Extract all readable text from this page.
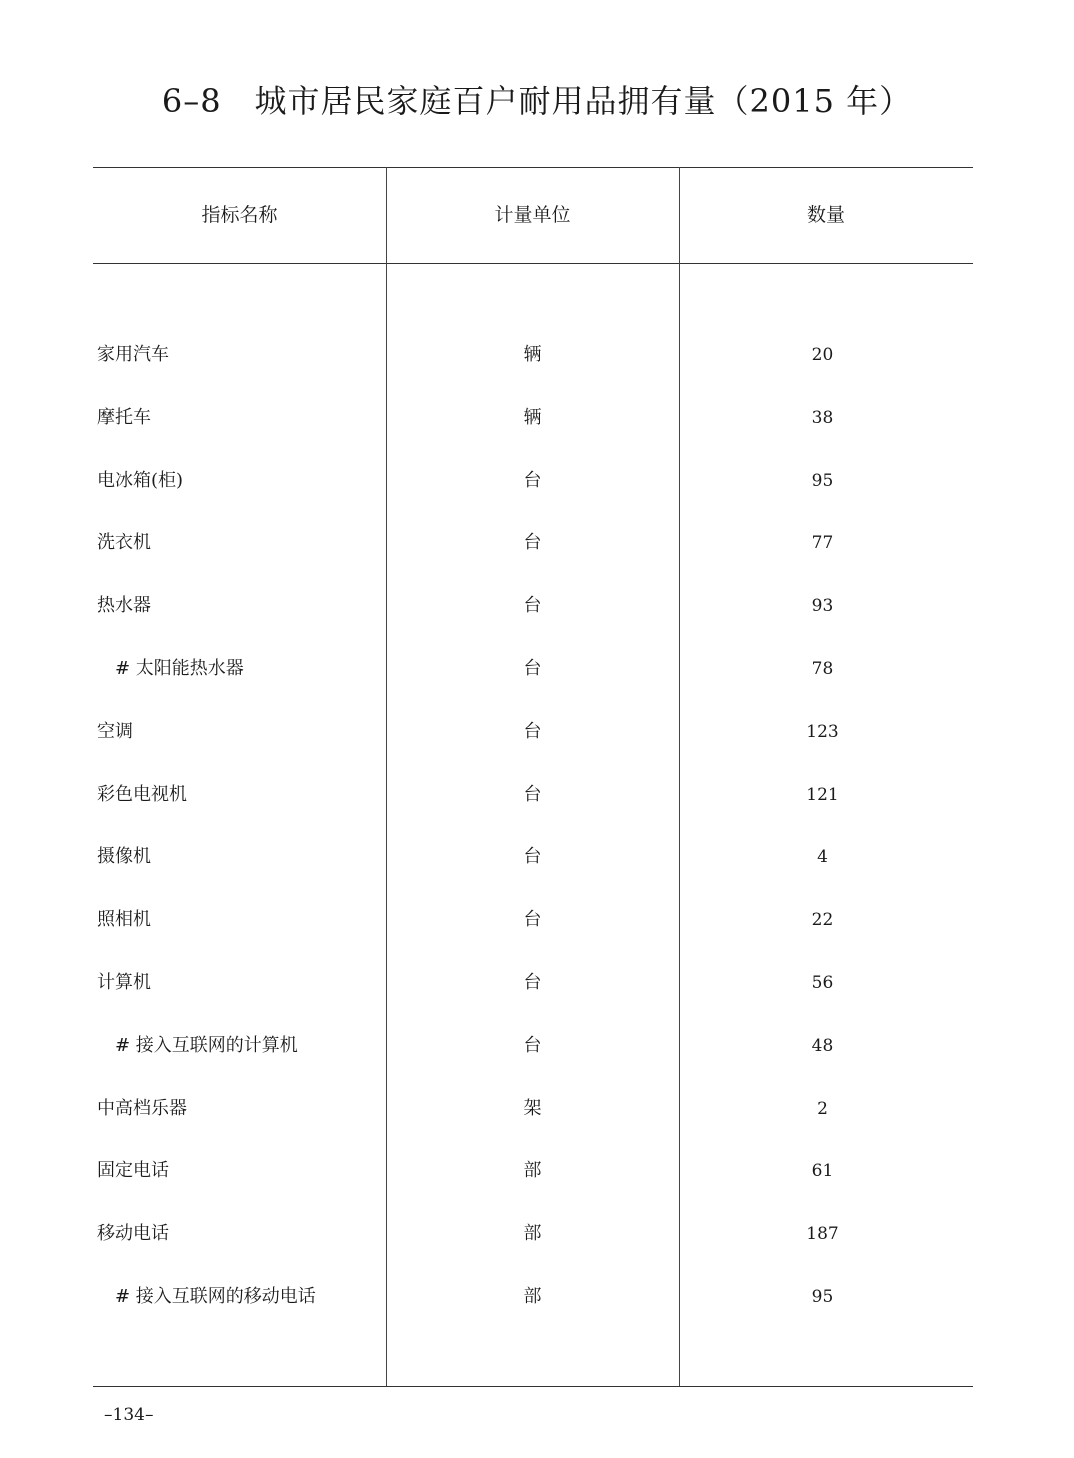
6–8　城市居民家庭百户耐用品拥有量（2015 年）
指标名称	计量单位	数量
家用汽车	辆	20
摩托车	辆	38
电冰箱(柜)	台	95
洗衣机	台	77
热水器	台	93
# 太阳能热水器	台	78
空调	台	123
彩色电视机	台	121
摄像机	台	4
照相机	台	22
计算机	台	56
# 接入互联网的计算机	台	48
中高档乐器	架	2
固定电话	部	61
移动电话	部	187
# 接入互联网的移动电话	部	95
–134–
